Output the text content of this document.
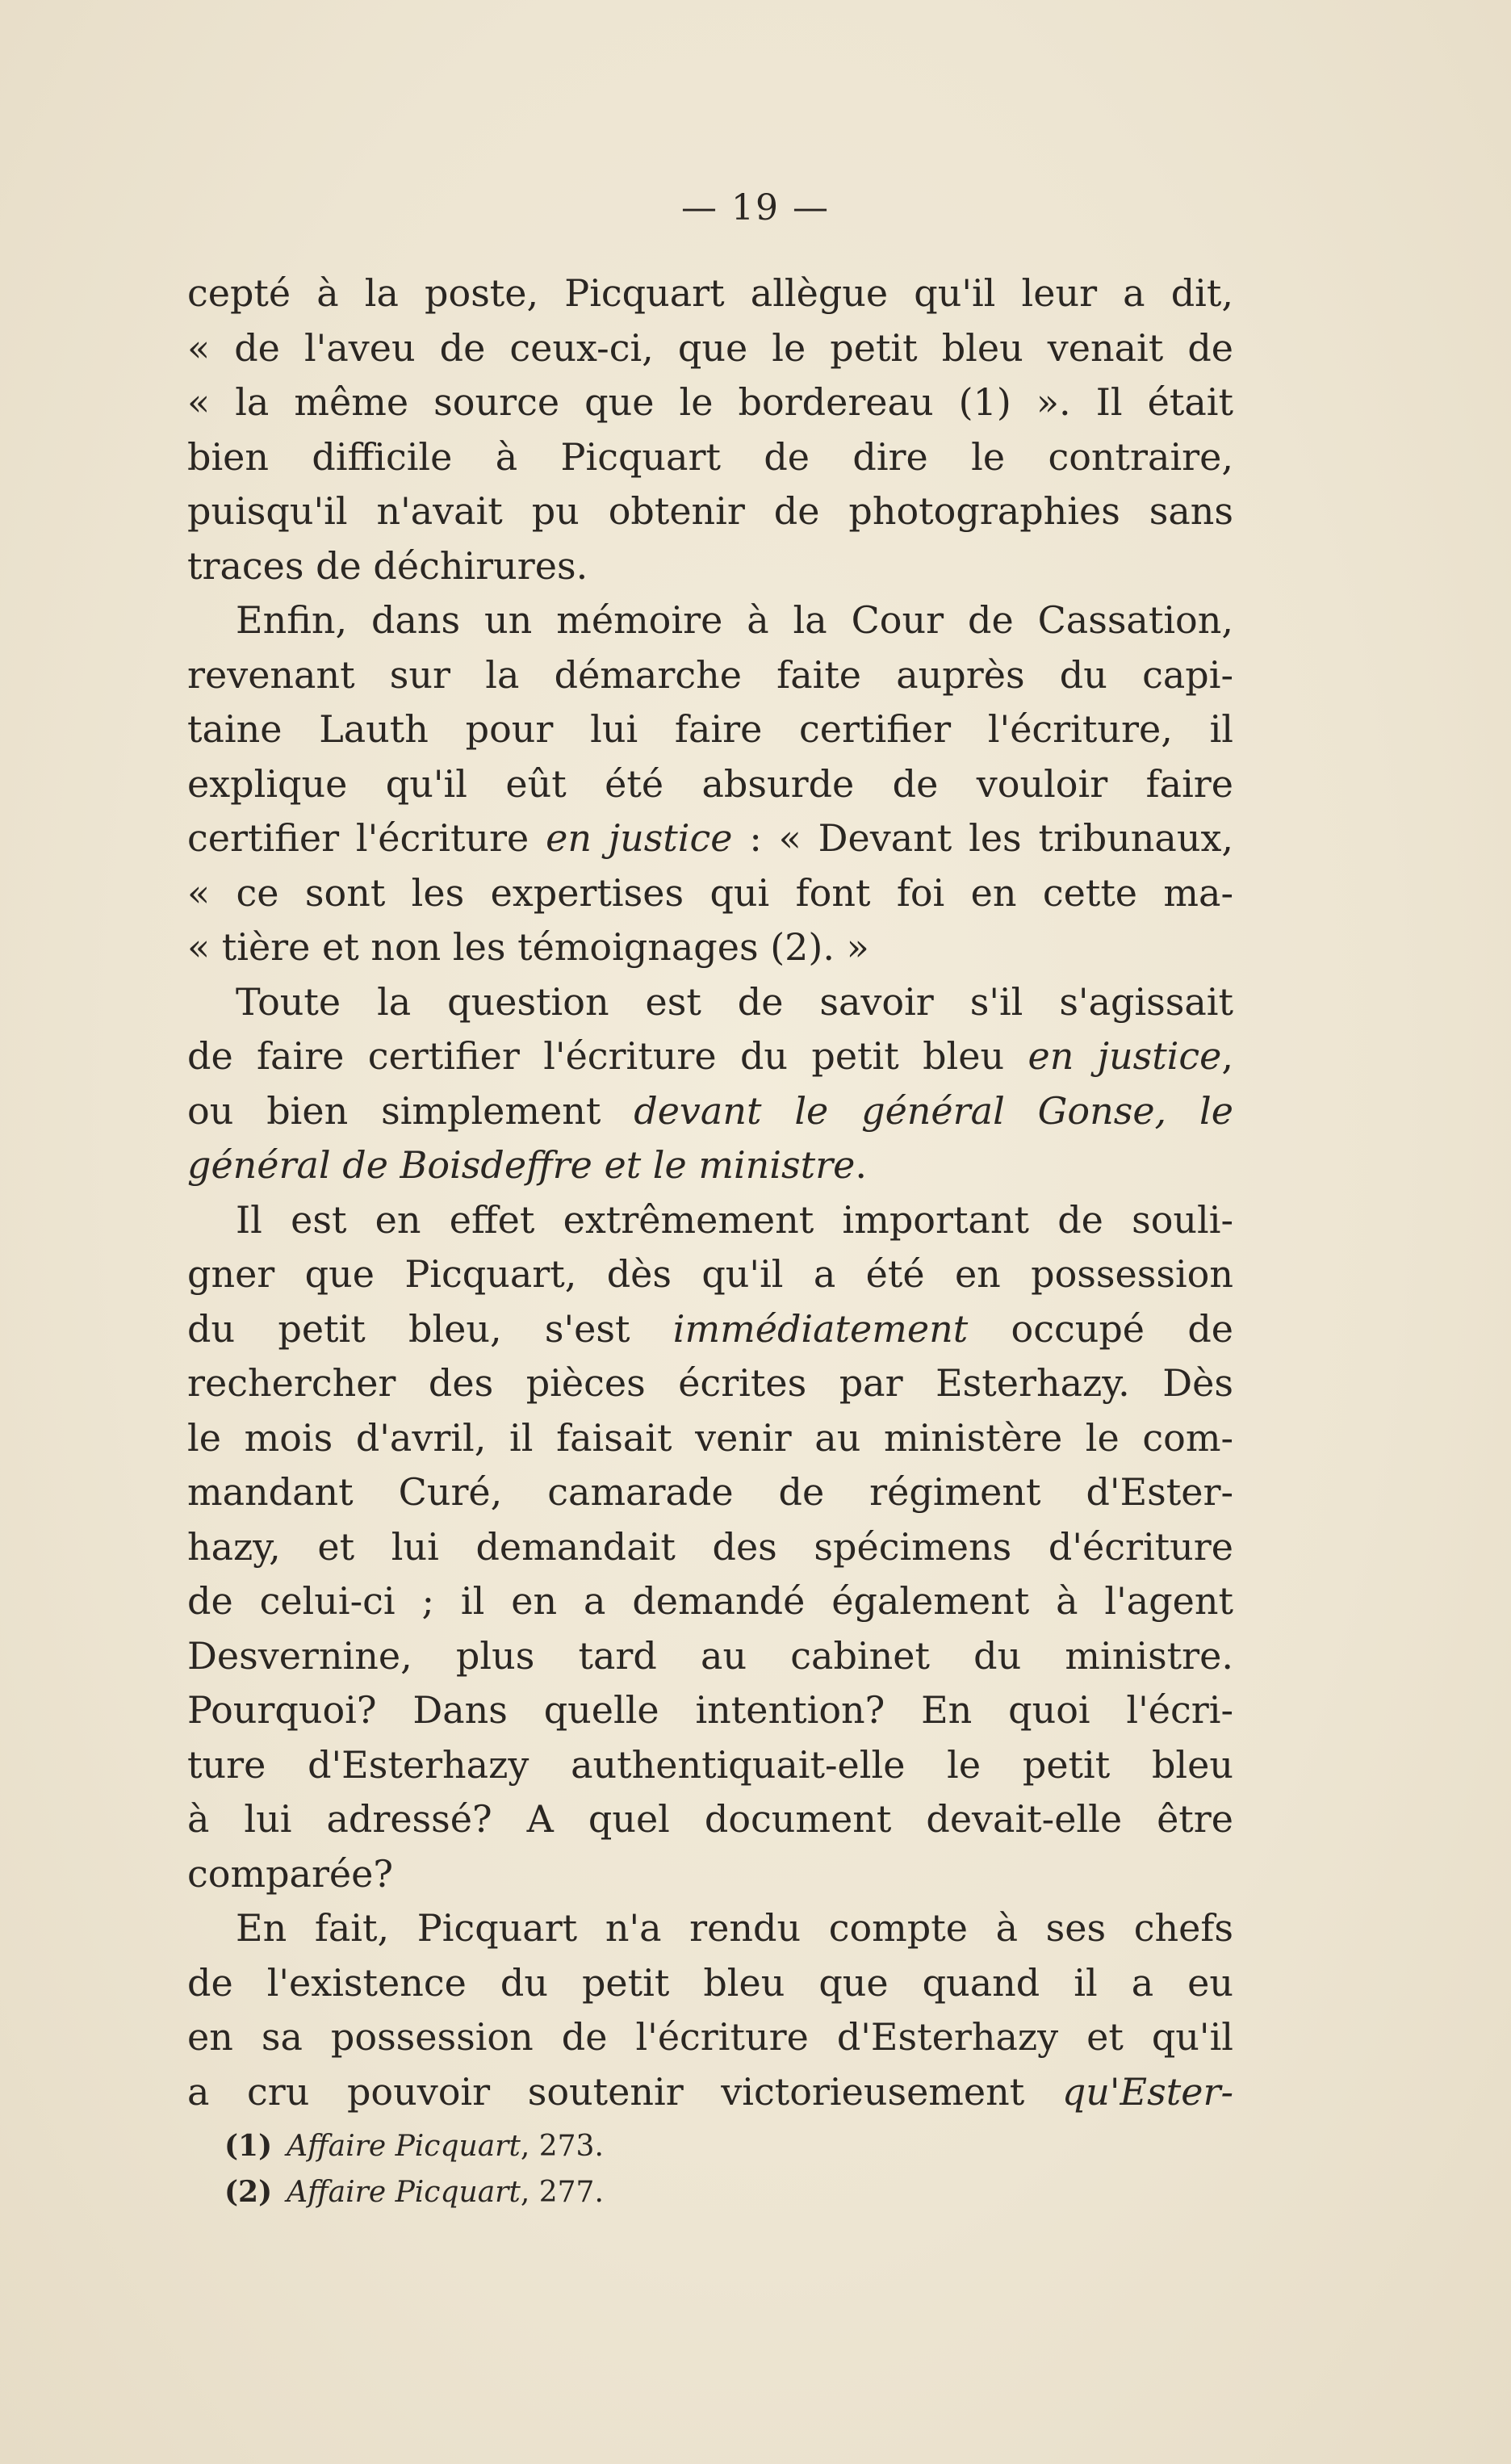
— 19 —
cepté à la poste, Picquart allègue qu'il leur a dit,
« de l'aveu de ceux-ci, que le petit bleu venait de
« la même source que le bordereau (1) ». Il était
bien difficile à Picquart de dire le contraire,
puisqu'il n'avait pu obtenir de photographies sans
traces de déchirures.
Enfin, dans un mémoire à la Cour de Cassation,
revenant sur la démarche faite auprès du capi-
taine Lauth pour lui faire certifier l'écriture, il
explique qu'il eût été absurde de vouloir faire
certifier l'écriture en justice : « Devant les tribunaux,
« ce sont les expertises qui font foi en cette ma-
« tière et non les témoignages (2). »
Toute la question est de savoir s'il s'agissait
de faire certifier l'écriture du petit bleu en justice,
ou bien simplement devant le général Gonse, le
général de Boisdeffre et le ministre.
Il est en effet extrêmement important de souli-
gner que Picquart, dès qu'il a été en possession
du petit bleu, s'est immédiatement occupé de
rechercher des pièces écrites par Esterhazy. Dès
le mois d'avril, il faisait venir au ministère le com-
mandant Curé, camarade de régiment d'Ester-
hazy, et lui demandait des spécimens d'écriture
de celui-ci ; il en a demandé également à l'agent
Desvernine, plus tard au cabinet du ministre.
Pourquoi? Dans quelle intention? En quoi l'écri-
ture d'Esterhazy authentiquait-elle le petit bleu
à lui adressé? A quel document devait-elle être
comparée?
En fait, Picquart n'a rendu compte à ses chefs
de l'existence du petit bleu que quand il a eu
en sa possession de l'écriture d'Esterhazy et qu'il
a cru pouvoir soutenir victorieusement qu'Ester-
(1) Affaire Picquart, 273.
(2) Affaire Picquart, 277.
